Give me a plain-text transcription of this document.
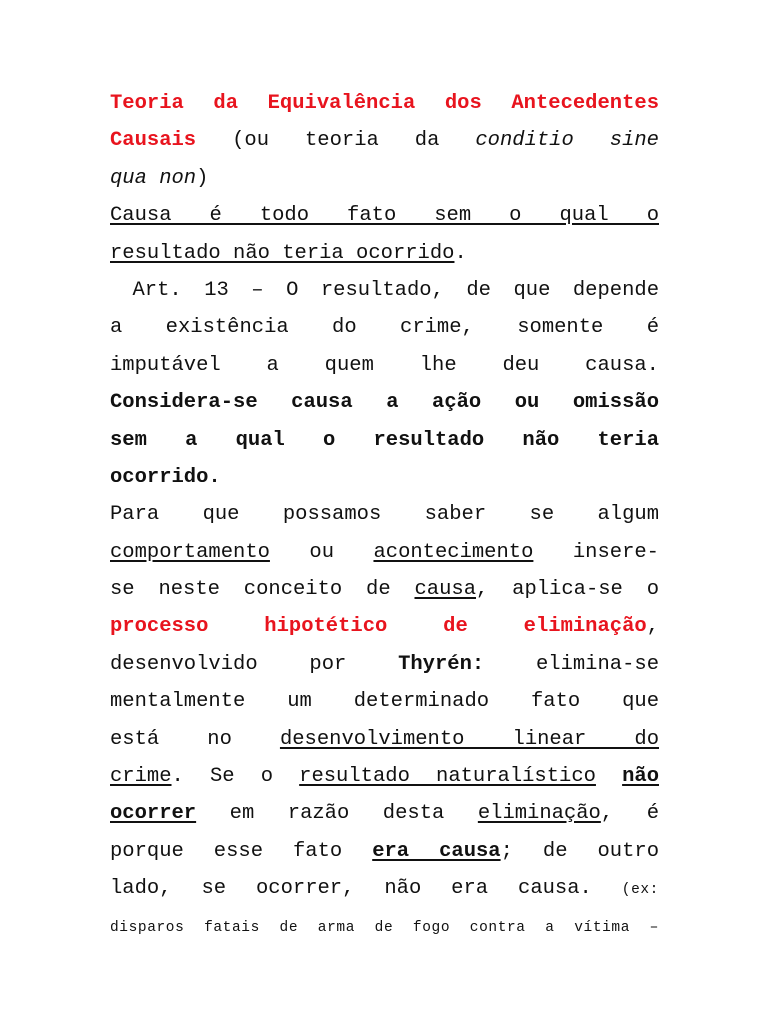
Teoria da Equivalência dos Antecedentes
Causais (ou teoria da conditio sine
qua non)
Causa é todo fato sem o qual o
resultado não teria ocorrido.
Art. 13 – O resultado, de que depende
a existência do crime, somente é
imputável a quem lhe deu causa.
Considera-se causa a ação ou omissão
sem a qual o resultado não teria
ocorrido.
Para que possamos saber se algum
comportamento ou acontecimento insere-
se neste conceito de causa, aplica-se o
processo hipotético de eliminação,
desenvolvido por Thyrén: elimina-se
mentalmente um determinado fato que
está no desenvolvimento linear do
crime. Se o resultado naturalístico não
ocorrer em razão desta eliminação, é
porque esse fato era causa; de outro
lado, se ocorrer, não era causa. (ex:
disparos fatais de arma de fogo contra a vítima –
